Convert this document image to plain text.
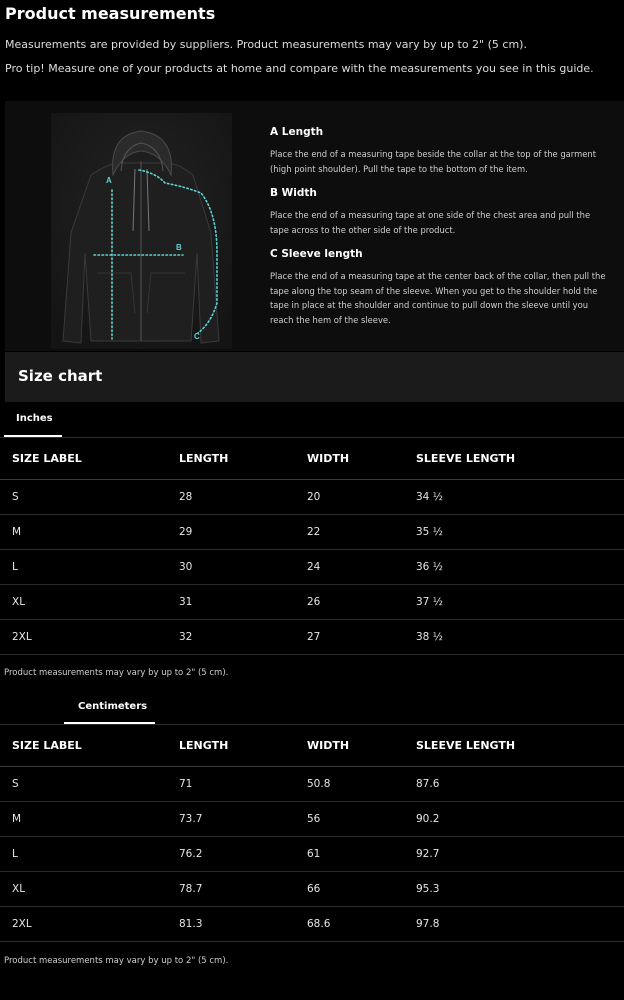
Product measurements
Measurements are provided by suppliers. Product measurements may vary by up to 2" (5 cm).
Pro tip! Measure one of your products at home and compare with the measurements you see in this guide.
A
B
C
A Length
Place the end of a measuring tape beside the collar at the top of the garment (high point shoulder). Pull the tape to the bottom of the item.
B Width
Place the end of a measuring tape at one side of the chest area and pull the tape across to the other side of the product.
C Sleeve length
Place the end of a measuring tape at the center back of the collar, then pull the tape along the top seam of the sleeve. When you get to the shoulder hold the tape in place at the shoulder and continue to pull down the sleeve until you reach the hem of the sleeve.
Size chart
Inches
SIZE LABEL	LENGTH	WIDTH	SLEEVE LENGTH
S	28	20	34 ½
M	29	22	35 ½
L	30	24	36 ½
XL	31	26	37 ½
2XL	32	27	38 ½
Product measurements may vary by up to 2" (5 cm).
Centimeters
SIZE LABEL	LENGTH	WIDTH	SLEEVE LENGTH
S	71	50.8	87.6
M	73.7	56	90.2
L	76.2	61	92.7
XL	78.7	66	95.3
2XL	81.3	68.6	97.8
Product measurements may vary by up to 2" (5 cm).
